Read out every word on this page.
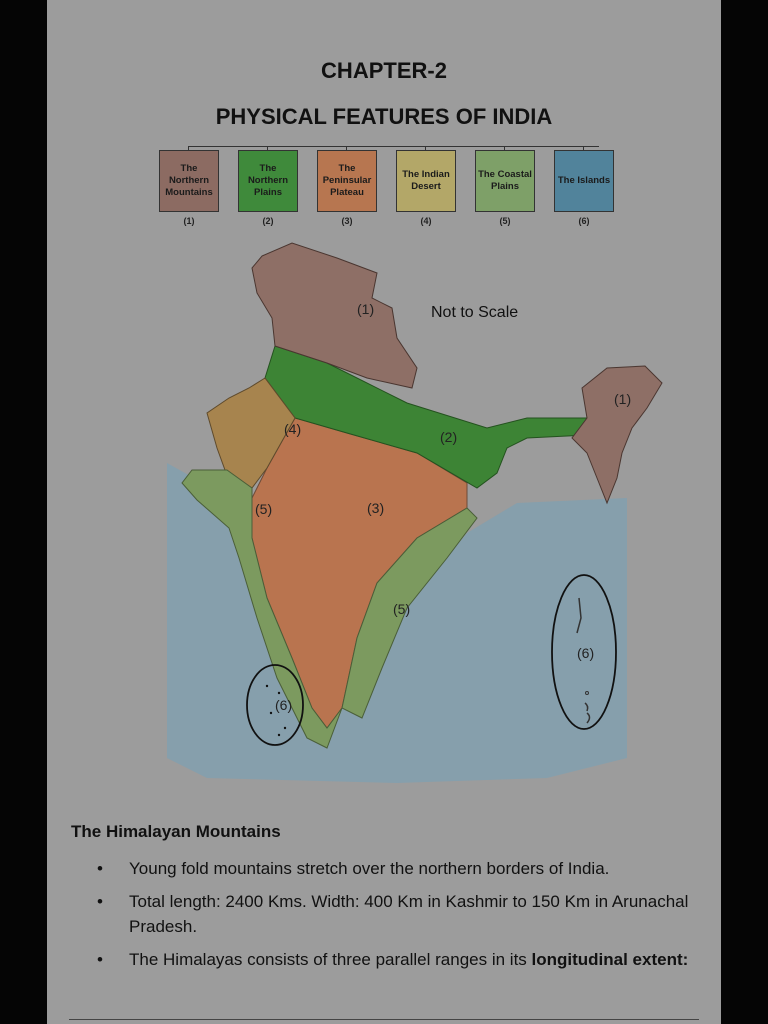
CHAPTER-2
PHYSICAL FEATURES OF INDIA
The Northern Mountains
(1)
The Northern Plains
(2)
The Peninsular Plateau
(3)
The Indian Desert
(4)
The Coastal Plains
(5)
The Islands
(6)
(1)
(1)
(2)
(3)
(4)
(5)
(5)
(6)
(6)
Not to Scale
The Himalayan Mountains
• Young fold mountains stretch over the northern borders of India.
• Total length: 2400 Kms. Width: 400 Km in Kashmir to 150 Km in Arunachal Pradesh.
• The Himalayas consists of three parallel ranges in its longitudinal extent:
